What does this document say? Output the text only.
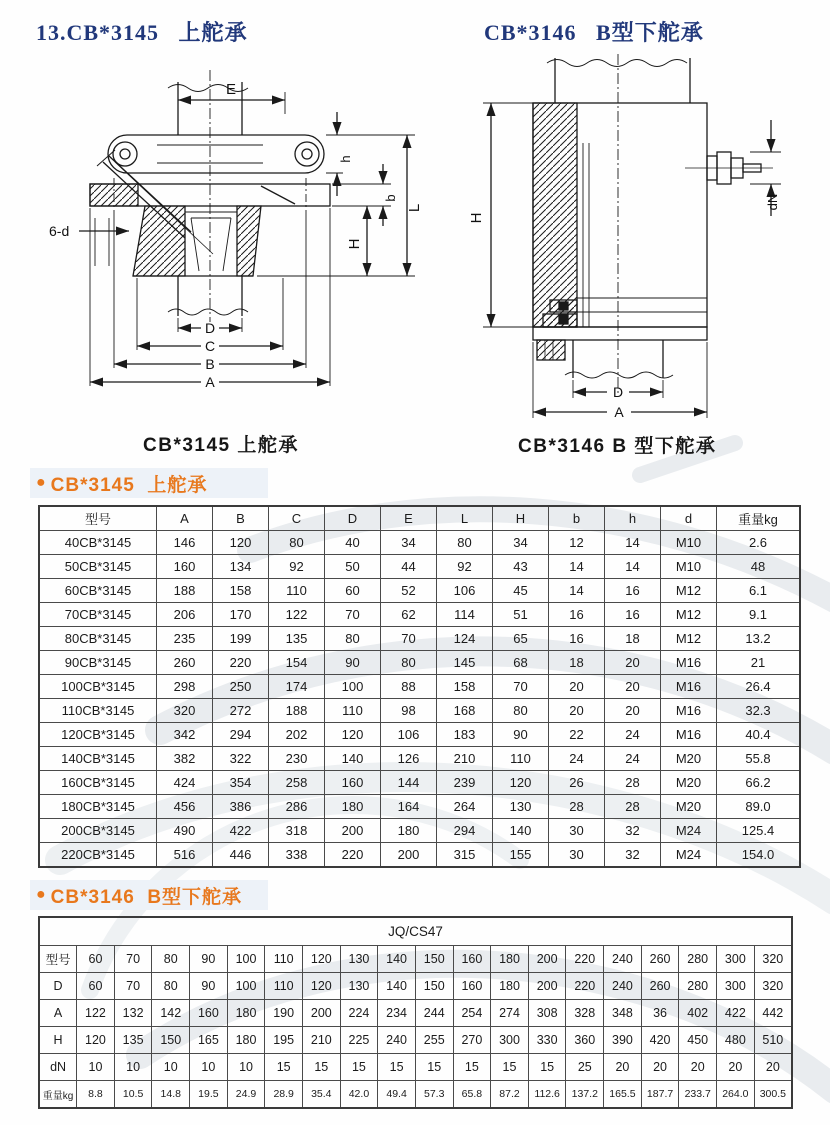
13.CB*3145   上舵承	CB*3146   B型下舵承
E
h
b
H
L
6-d
D
C
B
A
H
dN
D
A
CB*3145 上舵承	CB*3146 B 型下舵承
● CB*3145  上舵承
型号	A	B	C	D	E	L	H	b	h	d	重量kg
40CB*3145	146	120	80	40	34	80	34	12	14	M10	2.6
50CB*3145	160	134	92	50	44	92	43	14	14	M10	48
60CB*3145	188	158	110	60	52	106	45	14	16	M12	6.1
70CB*3145	206	170	122	70	62	114	51	16	16	M12	9.1
80CB*3145	235	199	135	80	70	124	65	16	18	M12	13.2
90CB*3145	260	220	154	90	80	145	68	18	20	M16	21
100CB*3145	298	250	174	100	88	158	70	20	20	M16	26.4
110CB*3145	320	272	188	110	98	168	80	20	20	M16	32.3
120CB*3145	342	294	202	120	106	183	90	22	24	M16	40.4
140CB*3145	382	322	230	140	126	210	110	24	24	M20	55.8
160CB*3145	424	354	258	160	144	239	120	26	28	M20	66.2
180CB*3145	456	386	286	180	164	264	130	28	28	M20	89.0
200CB*3145	490	422	318	200	180	294	140	30	32	M24	125.4
220CB*3145	516	446	338	220	200	315	155	30	32	M24	154.0
● CB*3146  B型下舵承
JQ/CS47																			
型号	60	70	80	90	100	110	120	130	140	150	160	180	200	220	240	260	280	300	320
D	60	70	80	90	100	110	120	130	140	150	160	180	200	220	240	260	280	300	320
A	122	132	142	160	180	190	200	224	234	244	254	274	308	328	348	36	402	422	442
H	120	135	150	165	180	195	210	225	240	255	270	300	330	360	390	420	450	480	510
dN	10	10	10	10	10	15	15	15	15	15	15	15	15	25	20	20	20	20	20
重量kg	8.8	10.5	14.8	19.5	24.9	28.9	35.4	42.0	49.4	57.3	65.8	87.2	112.6	137.2	165.5	187.7	233.7	264.0	300.5
